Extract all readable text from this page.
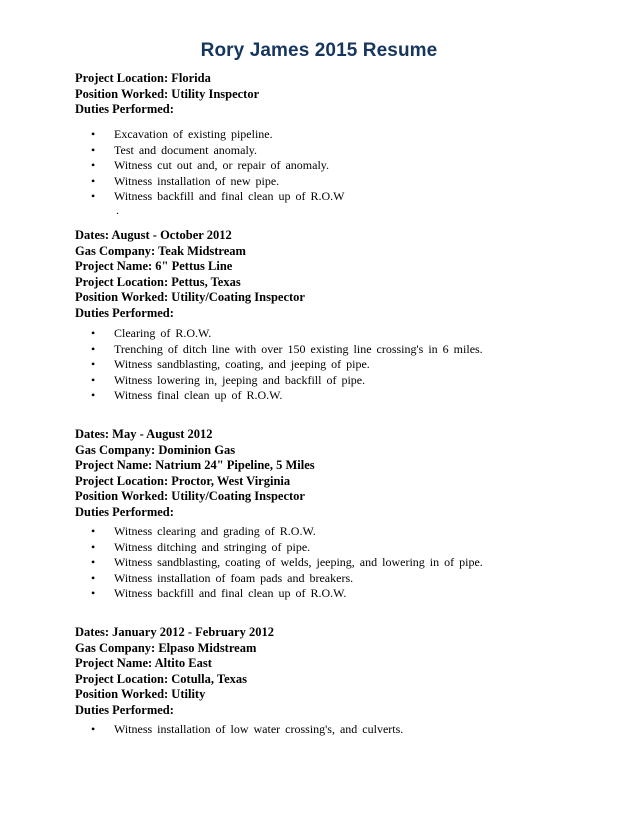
Rory James 2015 Resume
Project Location: Florida
Position Worked: Utility Inspector
Duties Performed:
• Excavation of existing pipeline.
• Test and document anomaly.
• Witness cut out and, or repair of anomaly.
• Witness installation of new pipe.
• Witness backfill and final clean up of R.O.W
.
Dates: August - October 2012
Gas Company: Teak Midstream
Project Name: 6" Pettus Line
Project Location: Pettus, Texas
Position Worked: Utility/Coating Inspector
Duties Performed:
• Clearing of R.O.W.
• Trenching of ditch line with over 150 existing line crossing's in 6 miles.
• Witness sandblasting, coating, and jeeping of pipe.
• Witness lowering in, jeeping and backfill of pipe.
• Witness final clean up of R.O.W.
Dates: May - August 2012
Gas Company: Dominion Gas
Project Name: Natrium 24" Pipeline, 5 Miles
Project Location: Proctor, West Virginia
Position Worked: Utility/Coating Inspector
Duties Performed:
• Witness clearing and grading of R.O.W.
• Witness ditching and stringing of pipe.
• Witness sandblasting, coating of welds, jeeping, and lowering in of pipe.
• Witness installation of foam pads and breakers.
• Witness backfill and final clean up of R.O.W.
Dates: January 2012 - February 2012
Gas Company: Elpaso Midstream
Project Name: Altito East
Project Location: Cotulla, Texas
Position Worked: Utility
Duties Performed:
• Witness installation of low water crossing's, and culverts.
